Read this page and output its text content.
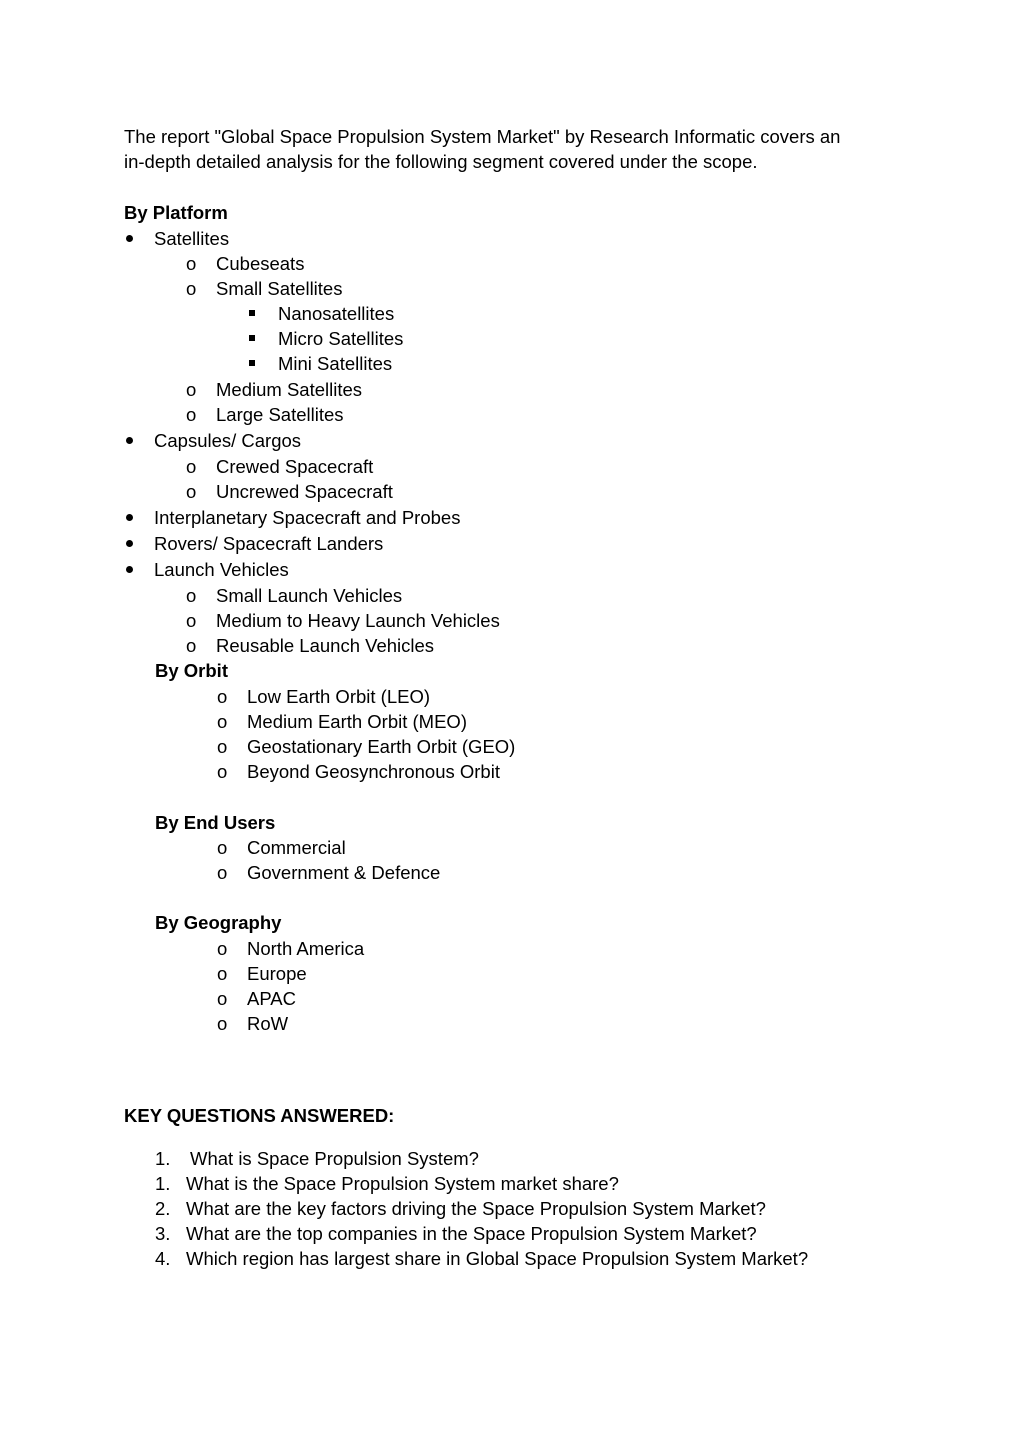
The report "Global Space Propulsion System Market" by Research Informatic covers an
in-depth detailed analysis for the following segment covered under the scope.
By Platform
Satellites
o Cubeseats
o Small Satellites
Nanosatellites
Micro Satellites
Mini Satellites
o Medium Satellites
o Large Satellites
Capsules/ Cargos
o Crewed Spacecraft
o Uncrewed Spacecraft
Interplanetary Spacecraft and Probes
Rovers/ Spacecraft Landers
Launch Vehicles
o Small Launch Vehicles
o Medium to Heavy Launch Vehicles
o Reusable Launch Vehicles
By Orbit
o Low Earth Orbit (LEO)
o Medium Earth Orbit (MEO)
o Geostationary Earth Orbit (GEO)
o Beyond Geosynchronous Orbit
By End Users
o Commercial
o Government & Defence
By Geography
o North America
o Europe
o APAC
o RoW
KEY QUESTIONS ANSWERED:
1. What is Space Propulsion System?
1. What is the Space Propulsion System market share?
2. What are the key factors driving the Space Propulsion System Market?
3. What are the top companies in the Space Propulsion System Market?
4. Which region has largest share in Global Space Propulsion System Market?
